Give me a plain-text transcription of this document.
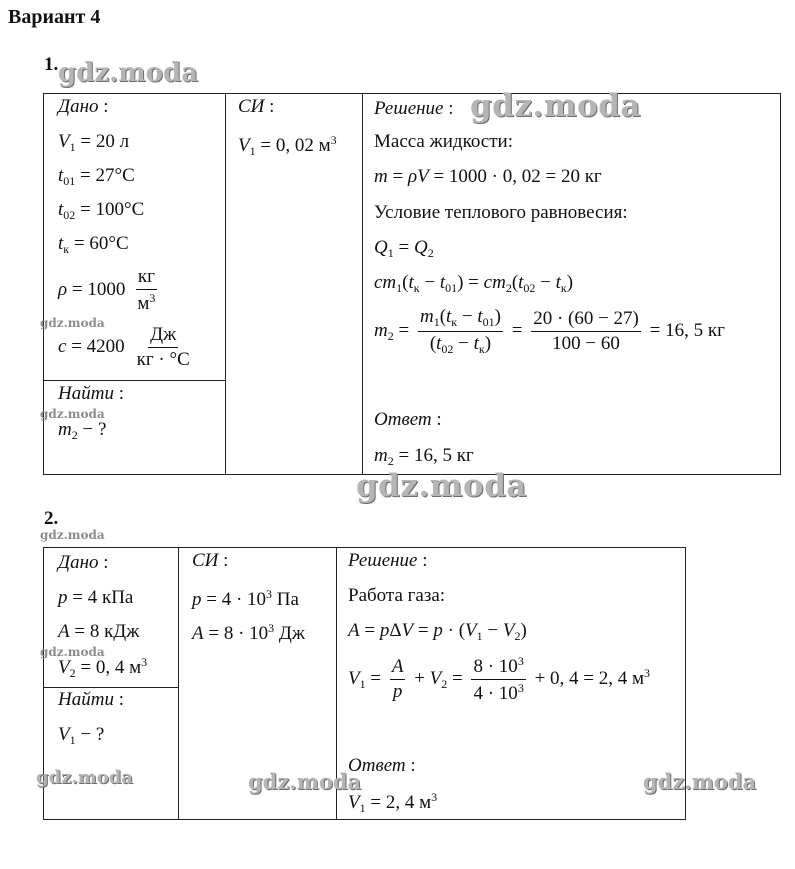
Вариант 4
1.
Дано :
$V_1 = 20$ л
$t_{01} = 27^\circ С$
$t_{02} = 100^\circ С$
$t_к = 60^\circ С$
$\rho = 1000 \frac{кг}{м^3}$
$c = 4200 \frac{Дж}{кг \cdot ^\circ С}$
Найти :
$m_2$ − ?
СИ :
$V_1 = 0$, 02 $м^3$
Решение :
Масса жидкости:
m = ρV = 1000 · 0, 02 = 20 кг
Условие теплового равновесия:
$Q_1 = Q_2$
$cm_1(t_к - t_{01}) = cm_2(t_{02} - t_к)$
$m_2 = \frac{m_1(t_к - t_{01})}{(t_{02} - t_к)} = \frac{20 \cdot (60 - 27)}{100 - 60} = 16$, 5 кг
Ответ :
$m_2 = 16$, 5 кг
2.
Дано :
p = 4 кПа
A = 8 кДж
$V_2 = 0$, 4 $м^3$
Найти :
$V_1$ − ?
СИ :
$p = 4 \cdot 10^3$ Па
$A = 8 \cdot 10^3$ Дж
Решение :
Работа газа:
$A = p\Delta V = p \cdot (V_1 - V_2)$
$V_1 = \frac{A}{p} + V_2 = \frac{8 \cdot 10^3}{4 \cdot 10^3} + 0$, 4 = 2, 4 $м^3$
Ответ :
$V_1 = 2$, 4 $м^3$
gdz.moda
gdz.moda
gdz.moda
gdz.moda
gdz.moda
gdz.moda
gdz.moda
gdz.moda	gdz.moda	gdz.moda
